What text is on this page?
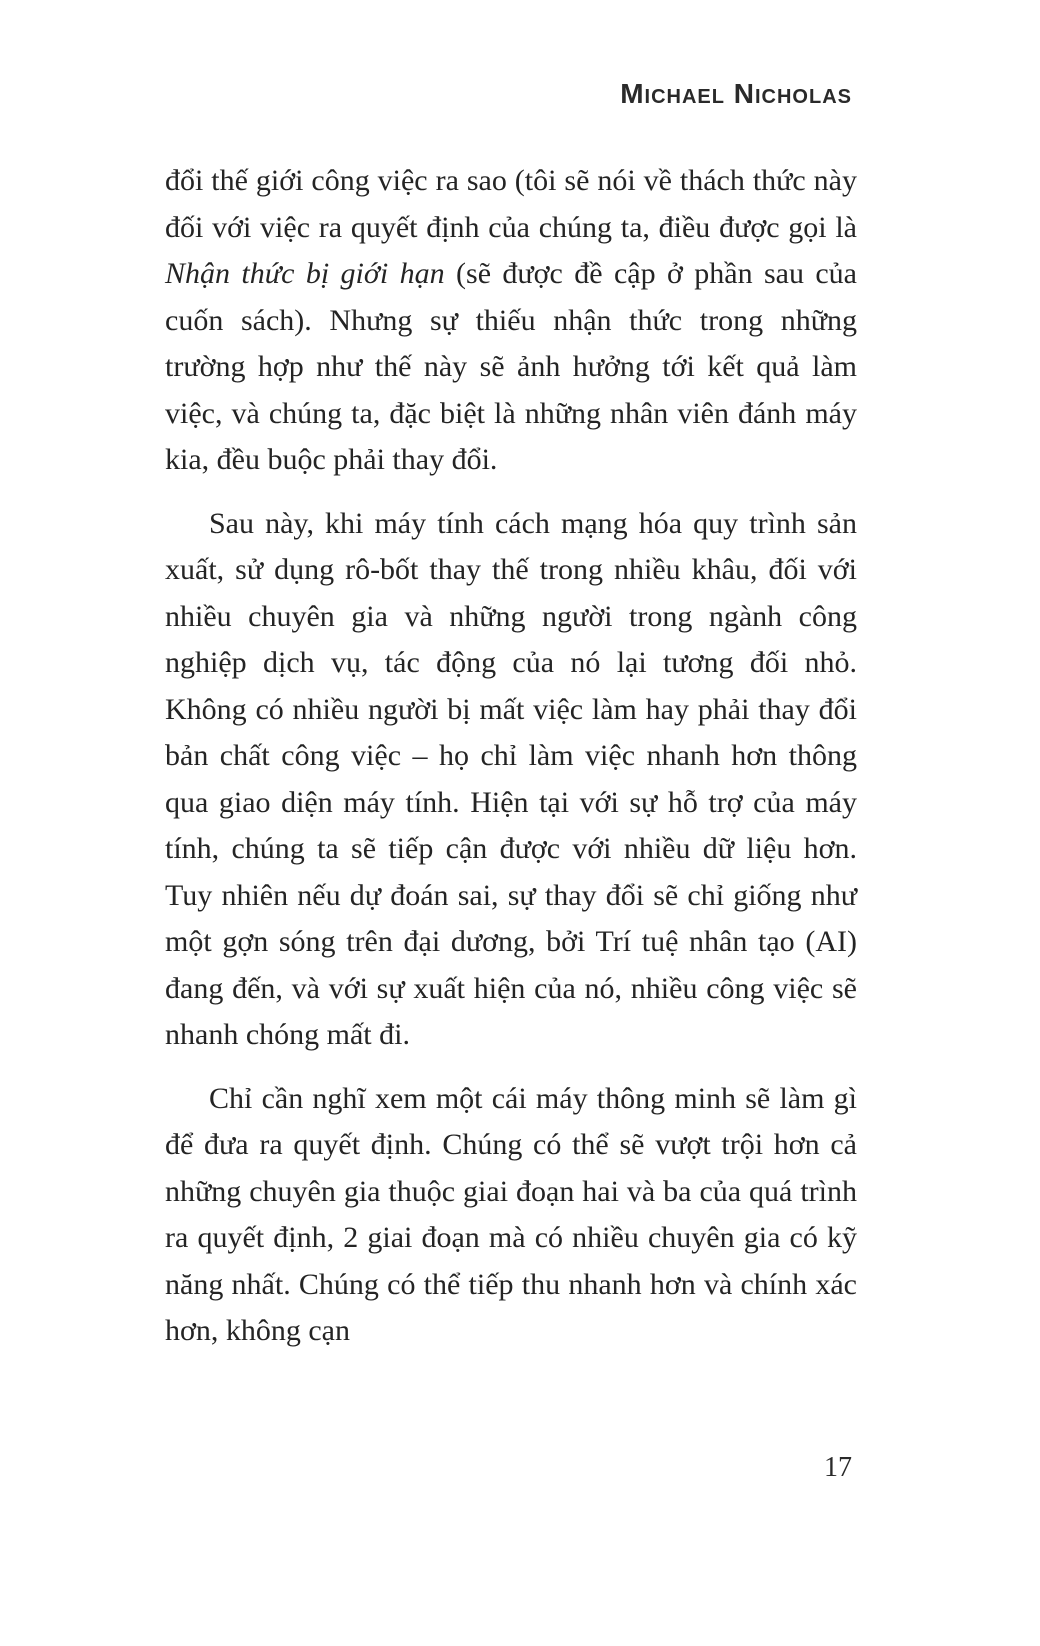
Michael Nicholas

đổi thế giới công việc ra sao (tôi sẽ nói về thách thức này đối với việc ra quyết định của chúng ta, điều được gọi là Nhận thức bị giới hạn (sẽ được đề cập ở phần sau của cuốn sách). Nhưng sự thiếu nhận thức trong những trường hợp như thế này sẽ ảnh hưởng tới kết quả làm việc, và chúng ta, đặc biệt là những nhân viên đánh máy kia, đều buộc phải thay đổi.

Sau này, khi máy tính cách mạng hóa quy trình sản xuất, sử dụng rô-bốt thay thế trong nhiều khâu, đối với nhiều chuyên gia và những người trong ngành công nghiệp dịch vụ, tác động của nó lại tương đối nhỏ. Không có nhiều người bị mất việc làm hay phải thay đổi bản chất công việc – họ chỉ làm việc nhanh hơn thông qua giao diện máy tính. Hiện tại với sự hỗ trợ của máy tính, chúng ta sẽ tiếp cận được với nhiều dữ liệu hơn. Tuy nhiên nếu dự đoán sai, sự thay đổi sẽ chỉ giống như một gợn sóng trên đại dương, bởi Trí tuệ nhân tạo (AI) đang đến, và với sự xuất hiện của nó, nhiều công việc sẽ nhanh chóng mất đi.

Chỉ cần nghĩ xem một cái máy thông minh sẽ làm gì để đưa ra quyết định. Chúng có thể sẽ vượt trội hơn cả những chuyên gia thuộc giai đoạn hai và ba của quá trình ra quyết định, 2 giai đoạn mà có nhiều chuyên gia có kỹ năng nhất. Chúng có thể tiếp thu nhanh hơn và chính xác hơn, không cạn

17
